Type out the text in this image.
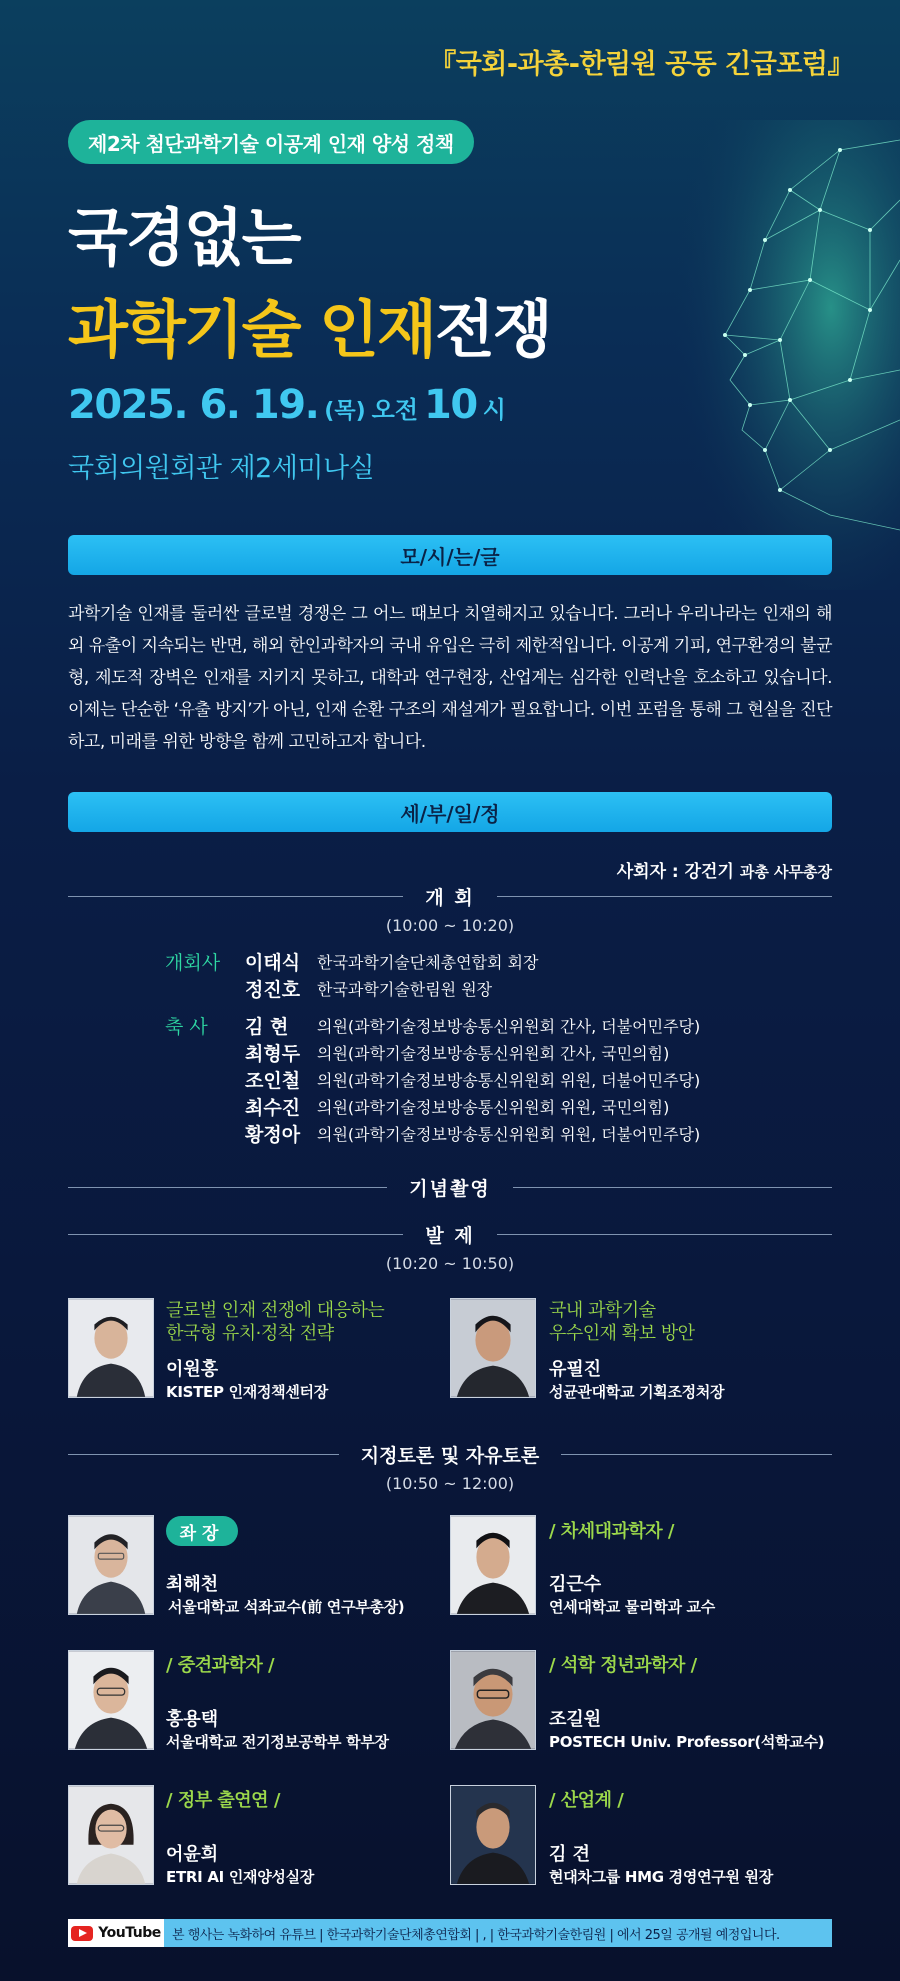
『국회-과총-한림원 공동 긴급포럼』
제2차 첨단과학기술 이공계 인재 양성 정책
국경없는
과학기술 인재전쟁
2025. 6. 19. (목) 오전 10 시
국회의원회관 제2세미나실
모/시/는/글
과학기술 인재를 둘러싼 글로벌 경쟁은 그 어느 때보다 치열해지고 있습니다. 그러나 우리나라는 인재의 해외 유출이 지속되는 반면, 해외 한인과학자의 국내 유입은 극히 제한적입니다. 이공계 기피, 연구환경의 불균형, 제도적 장벽은 인재를 지키지 못하고, 대학과 연구현장, 산업계는 심각한 인력난을 호소하고 있습니다. 이제는 단순한 ‘유출 방지’가 아닌, 인재 순환 구조의 재설계가 필요합니다. 이번 포럼을 통해 그 현실을 진단하고, 미래를 위한 방향을 함께 고민하고자 합니다.
세/부/일/정
사회자 : 강건기 과총 사무총장
개 회
(10:00 ~ 10:20)
개회사	이태식	한국과학기술단체총연합회 회장
정진호	한국과학기술한림원 원장
축 사	김 현	의원(과학기술정보방송통신위원회 간사, 더불어민주당)
최형두	의원(과학기술정보방송통신위원회 간사, 국민의힘)
조인철	의원(과학기술정보방송통신위원회 위원, 더불어민주당)
최수진	의원(과학기술정보방송통신위원회 위원, 국민의힘)
황정아	의원(과학기술정보방송통신위원회 위원, 더불어민주당)
기념촬영
발 제
(10:20 ~ 10:50)
글로벌 인재 전쟁에 대응하는
한국형 유치·정착 전략
이원홍
KISTEP 인재정책센터장
국내 과학기술
우수인재 확보 방안
유필진
성균관대학교 기획조정처장
지정토론 및 자유토론
(10:50 ~ 12:00)
좌장
최해천
서울대학교 석좌교수(前 연구부총장)
/ 차세대과학자 /
김근수
연세대학교 물리학과 교수
/ 중견과학자 /
홍용택
서울대학교 전기정보공학부 학부장
/ 석학 정년과학자 /
조길원
POSTECH Univ. Professor(석학교수)
/ 정부 출연연 /
어윤희
ETRI AI 인재양성실장
/ 산업계 /
김 견
현대차그룹 HMG 경영연구원 원장
YouTube 본 행사는 녹화하여 유튜브 | 한국과학기술단체총연합회 | , | 한국과학기술한림원 | 에서 25일 공개될 예정입니다.
